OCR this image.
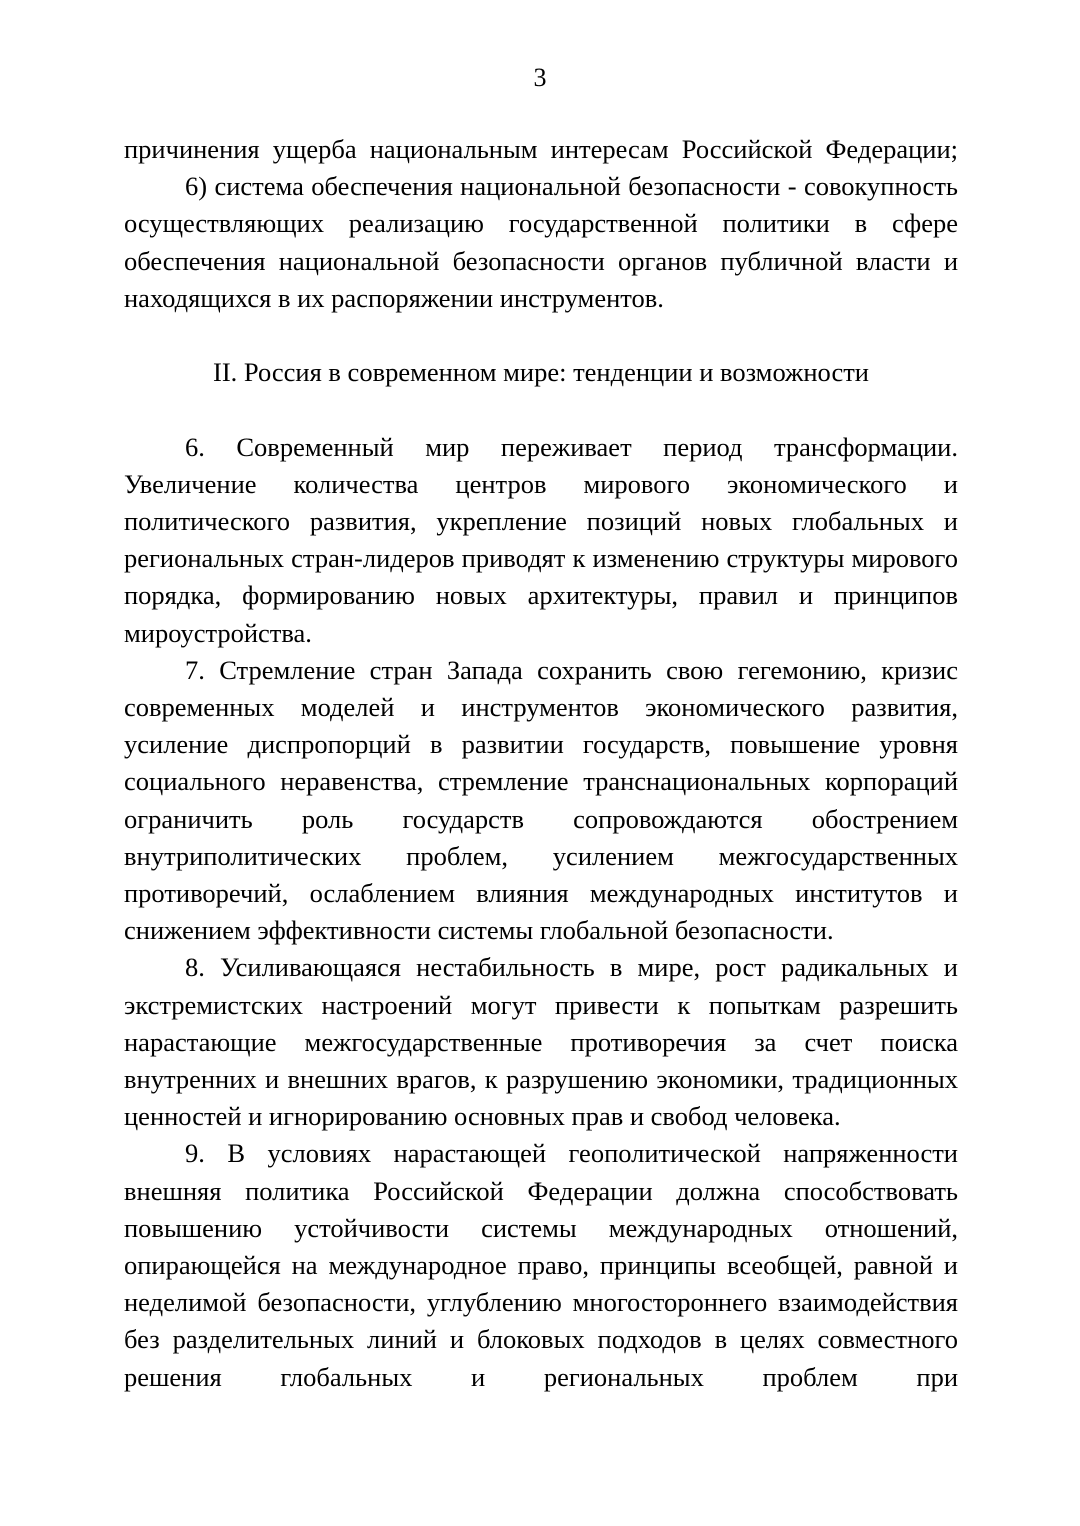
3

причинения ущерба национальным интересам Российской Федерации;

6) система обеспечения национальной безопасности - совокупность осуществляющих реализацию государственной политики в сфере обеспечения национальной безопасности органов публичной власти и находящихся в их распоряжении инструментов.

II. Россия в современном мире: тенденции и возможности

6. Современный мир переживает период трансформации. Увеличение количества центров мирового экономического и политического развития, укрепление позиций новых глобальных и региональных стран-лидеров приводят к изменению структуры мирового порядка, формированию новых архитектуры, правил и принципов мироустройства.

7. Стремление стран Запада сохранить свою гегемонию, кризис современных моделей и инструментов экономического развития, усиление диспропорций в развитии государств, повышение уровня социального неравенства, стремление транснациональных корпораций ограничить роль государств сопровождаются обострением внутриполитических проблем, усилением межгосударственных противоречий, ослаблением влияния международных институтов и снижением эффективности системы глобальной безопасности.

8. Усиливающаяся нестабильность в мире, рост радикальных и экстремистских настроений могут привести к попыткам разрешить нарастающие межгосударственные противоречия за счет поиска внутренних и внешних врагов, к разрушению экономики, традиционных ценностей и игнорированию основных прав и свобод человека.

9. В условиях нарастающей геополитической напряженности внешняя политика Российской Федерации должна способствовать повышению устойчивости системы международных отношений, опирающейся на международное право, принципы всеобщей, равной и неделимой безопасности, углублению многостороннего взаимодействия без разделительных линий и блоковых подходов в целях совместного решения глобальных и региональных проблем при
